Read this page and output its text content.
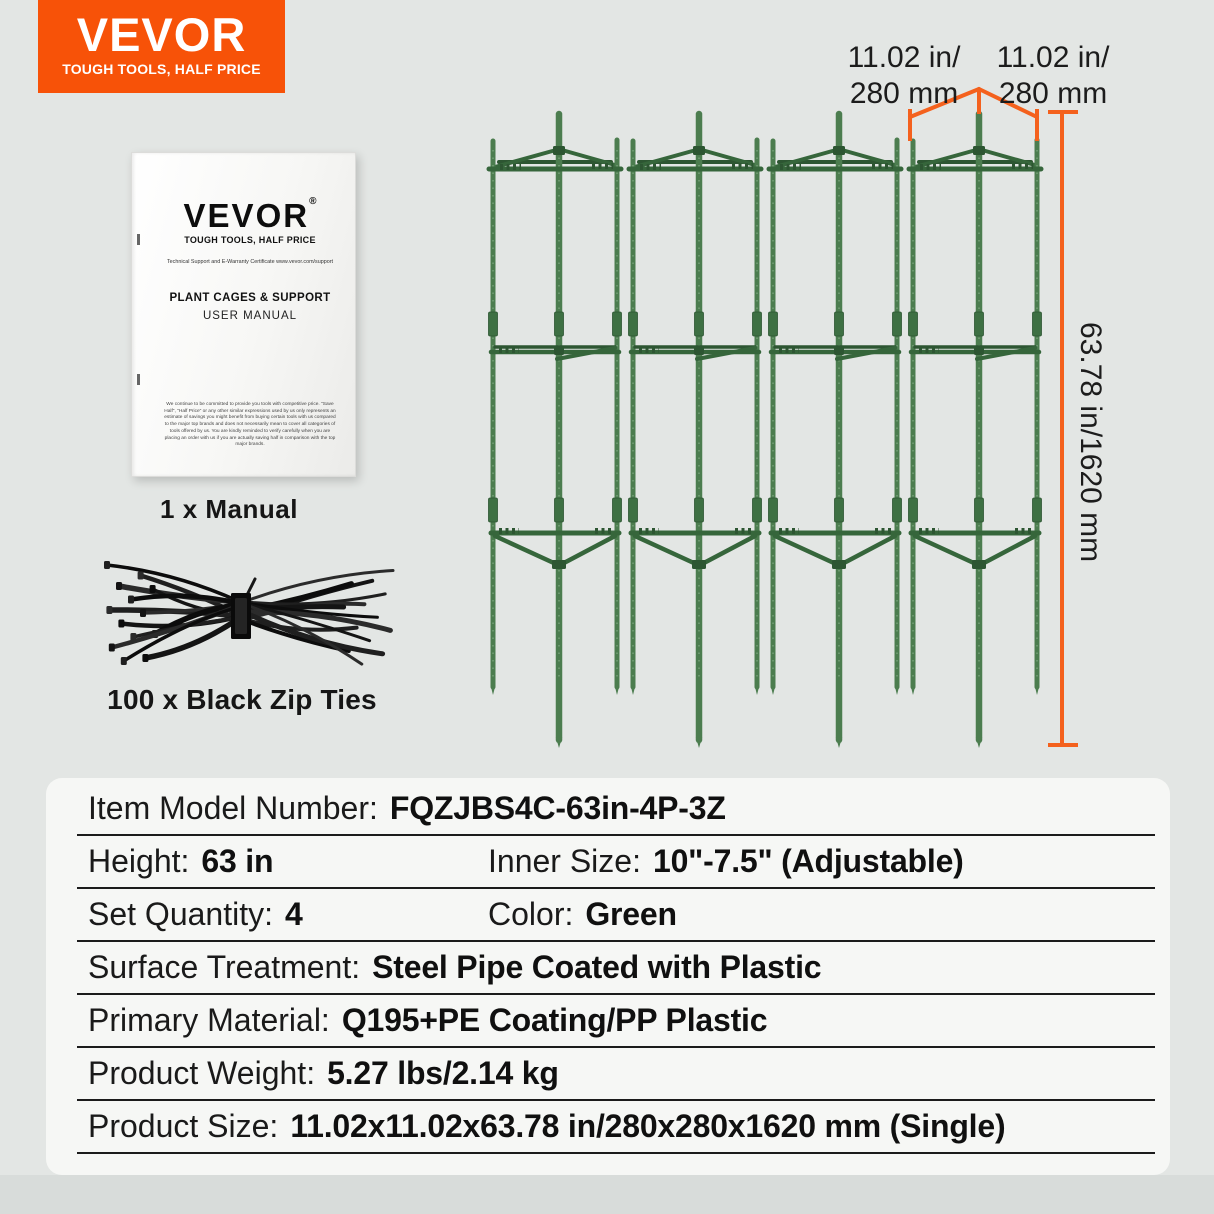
VEVOR
TOUGH TOOLS, HALF PRICE
VEVOR®
TOUGH TOOLS, HALF PRICE
Technical Support and E-Warranty Certificate www.vevor.com/support
PLANT CAGES & SUPPORT
USER MANUAL
We continue to be committed to provide you tools with competitive price. "Save Half", "Half Price" or any other similar expressions used by us only represents an estimate of savings you might benefit from buying certain tools with us compared to the major top brands and does not necessarily mean to cover all categories of tools offered by us. You are kindly reminded to verify carefully when you are placing an order with us if you are actually saving half in comparison with the top major brands.
1 x Manual
100 x Black Zip Ties
11.02 in/
280 mm
11.02 in/
280 mm
63.78 in/1620 mm
Item Model Number: FQZJBS4C-63in-4P-3Z
Height: 63 in	Inner Size: 10"-7.5" (Adjustable)
Set Quantity: 4	Color: Green
Surface Treatment: Steel Pipe Coated with Plastic
Primary Material: Q195+PE Coating/PP Plastic
Product Weight: 5.27 lbs/2.14 kg
Product Size: 11.02x11.02x63.78 in/280x280x1620 mm (Single)
